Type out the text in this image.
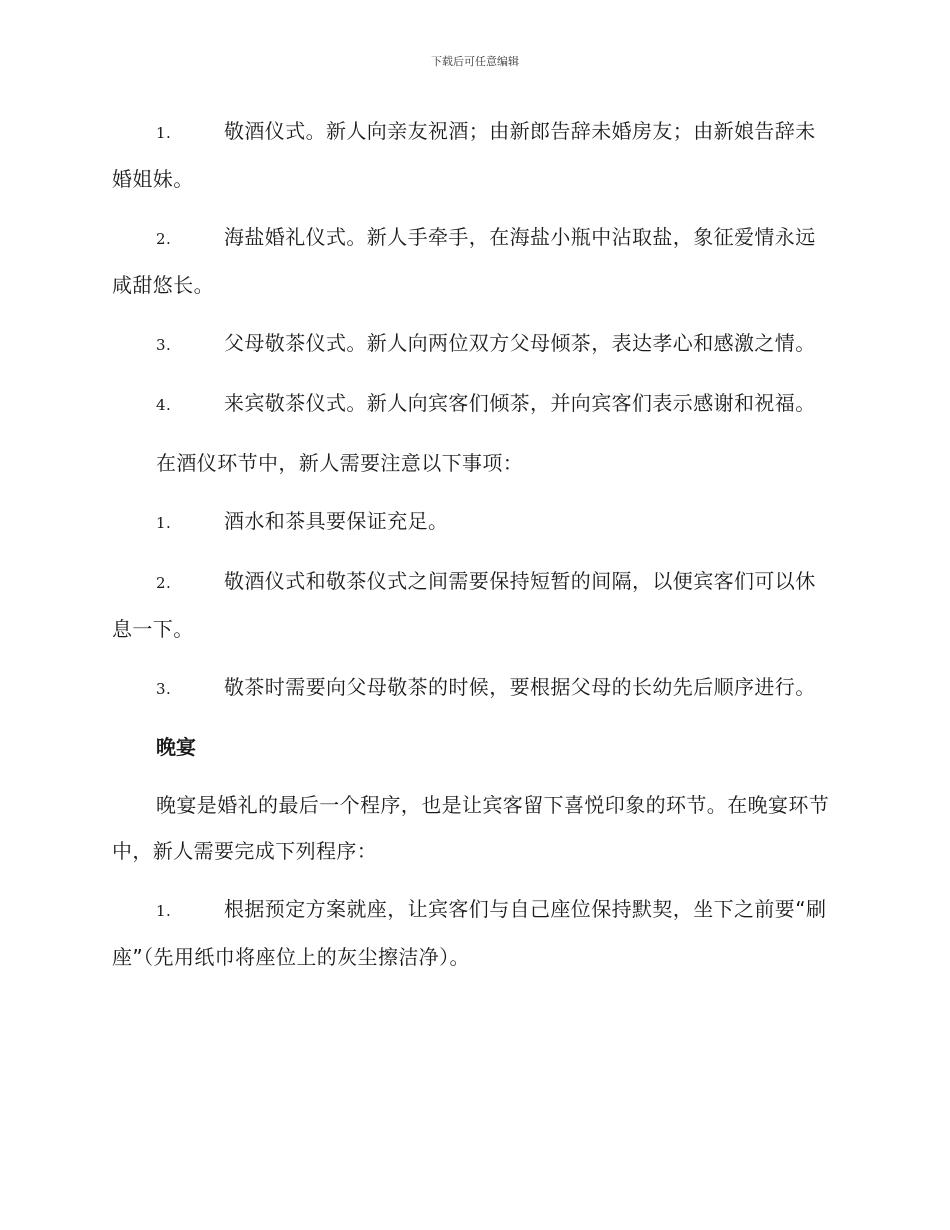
下载后可任意编辑
1.	敬酒仪式。新人向亲友祝酒；由新郎告辞未婚房友；由新娘告辞未婚姐妹。
2.	海盐婚礼仪式。新人手牵手，在海盐小瓶中沾取盐，象征爱情永远咸甜悠长。
3.	父母敬茶仪式。新人向两位双方父母倾茶，表达孝心和感激之情。
4.	来宾敬茶仪式。新人向宾客们倾茶，并向宾客们表示感谢和祝福。
在酒仪环节中，新人需要注意以下事项：
1.	酒水和茶具要保证充足。
2.	敬酒仪式和敬茶仪式之间需要保持短暂的间隔，以便宾客们可以休息一下。
3.	敬茶时需要向父母敬茶的时候，要根据父母的长幼先后顺序进行。
晚宴
晚宴是婚礼的最后一个程序，也是让宾客留下喜悦印象的环节。在晚宴环节中，新人需要完成下列程序：
1.	根据预定方案就座，让宾客们与自己座位保持默契，坐下之前要“刷座”（先用纸巾将座位上的灰尘擦洁净）。
